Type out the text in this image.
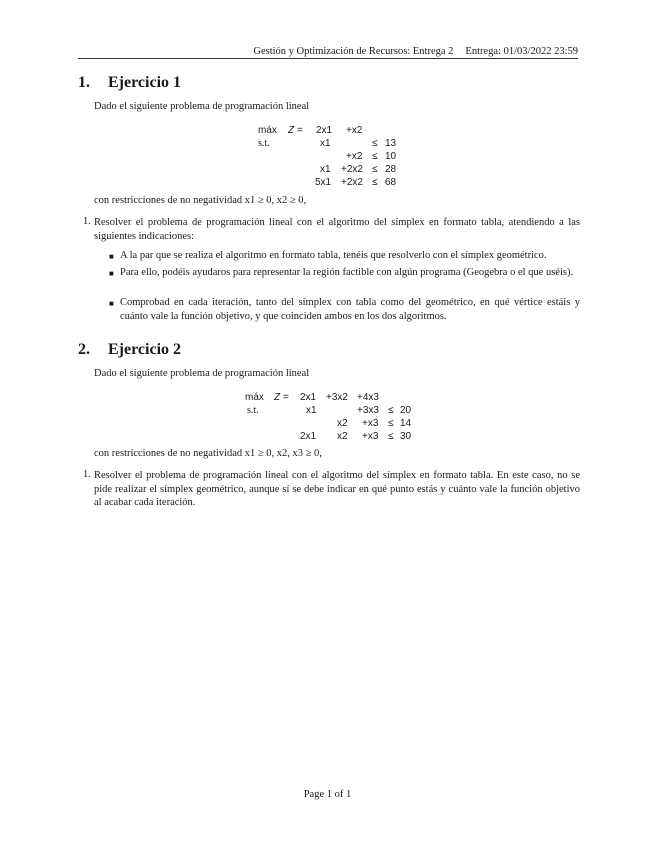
Gestión y Optimización de Recursos: Entrega 2 Entrega: 01/03/2022 23:59
1. Ejercicio 1
Dado el siguiente problema de programación lineal
máx Z =
s.t.
2x1 +x2
x1	≤ 13
+x2 ≤ 10
x1 +2x2 ≤ 28
5x1 +2x2 ≤ 68
con restricciones de no negatividad x1 ≥ 0, x2 ≥ 0,
1. Resolver el problema de programación lineal con el algoritmo del símplex en formato tabla, atendiendo a las siguientes indicaciones:
■ A la par que se realiza el algoritmo en formato tabla, tenéis que resolverlo con el símplex geométrico.
■ Para ello, podéis ayudaros para representar la región factible con algún programa (Geogebra o el que uséis).
■ Comprobad en cada iteración, tanto del símplex con tabla como del geométrico, en qué vértice estáis y cuánto vale la función objetivo, y que coinciden ambos en los dos algoritmos.
2. Ejercicio 2
Dado el siguiente problema de programación lineal
máx Z =
s.t.
2x1 +3x2 +4x3
x1	+3x3 ≤ 20
x2 +x3 ≤ 14
2x1 x2 +x3 ≤ 30
con restricciones de no negatividad x1 ≥ 0, x2, x3 ≥ 0,
1. Resolver el problema de programación lineal con el algoritmo del símplex en formato tabla. En este caso, no se pide realizar el símplex geométrico, aunque sí se debe indicar en qué punto estás y cuánto vale la función objetivo al acabar cada iteración.
Page 1 of 1
